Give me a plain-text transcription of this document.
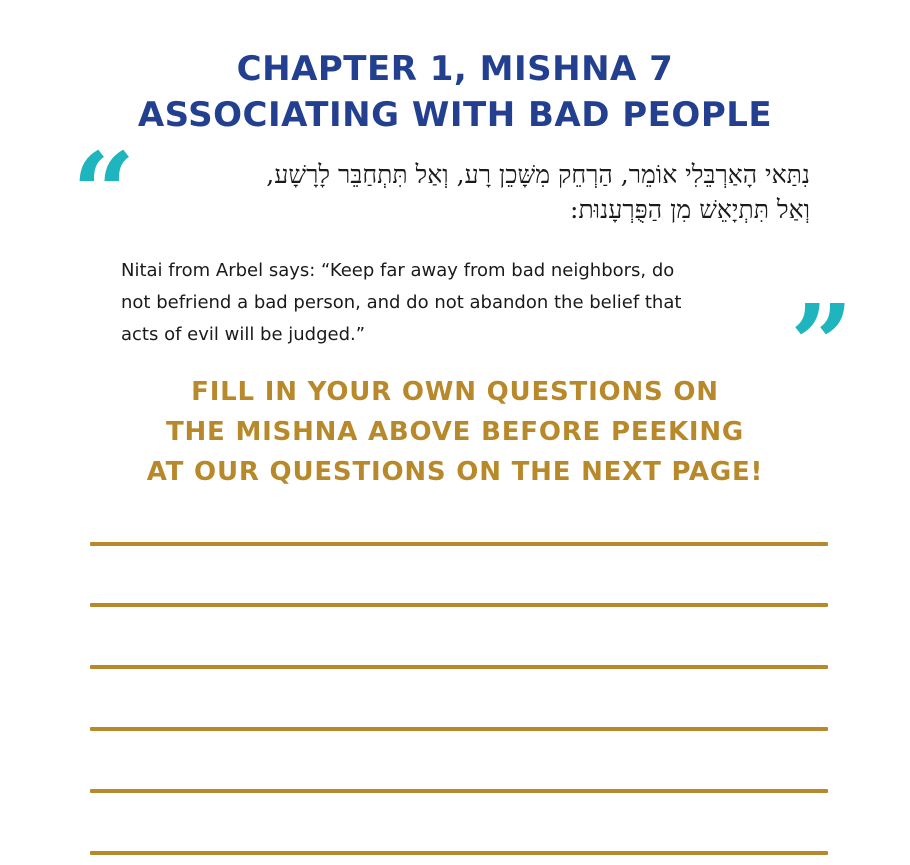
CHAPTER 1, MISHNA 7
ASSOCIATING WITH BAD PEOPLE
“	נִתַּאי הָאַרְבֵּלִי אוֹמֵר, הַרְחֵק מִשָּׁכֵן רָע, וְאַל תִּתְחַבֵּר לָרָשָׁע,
וְאַל תִּתְיָאֵשׁ מִן הַפֻּרְעָנוּת:
Nitai from Arbel says: “Keep far away from bad neighbors, do
not befriend a bad person, and do not abandon the belief that
acts of evil will be judged.”	”
FILL IN YOUR OWN QUESTIONS ON
THE MISHNA ABOVE BEFORE PEEKING
AT OUR QUESTIONS ON THE NEXT PAGE!
